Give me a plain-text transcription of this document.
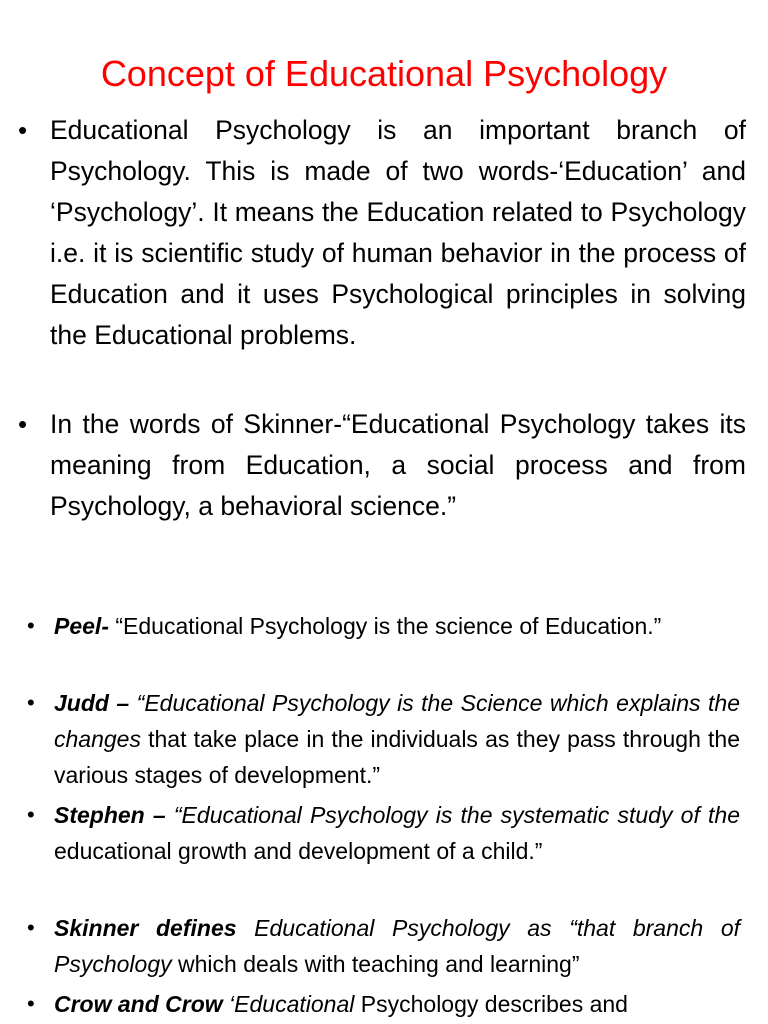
Concept of Educational Psychology
• Educational Psychology is an important branch of Psychology. This is made of two words-‘Education’ and ‘Psychology’. It means the Education related to Psychology i.e. it is scientific study of human behavior in the process of Education and it uses Psychological principles in solving the Educational problems.
• In the words of Skinner-“Educational Psychology takes its meaning from Education, a social process and from Psychology, a behavioral science.”
• Peel- “Educational Psychology is the science of Education.”
• Judd – “Educational Psychology is the Science which explains the changes that take place in the individuals as they pass through the various stages of development.”
• Stephen – “Educational Psychology is the systematic study of the educational growth and development of a child.”
• Skinner defines Educational Psychology as “that branch of Psychology which deals with teaching and learning”
• Crow and Crow ‘Educational Psychology describes and
